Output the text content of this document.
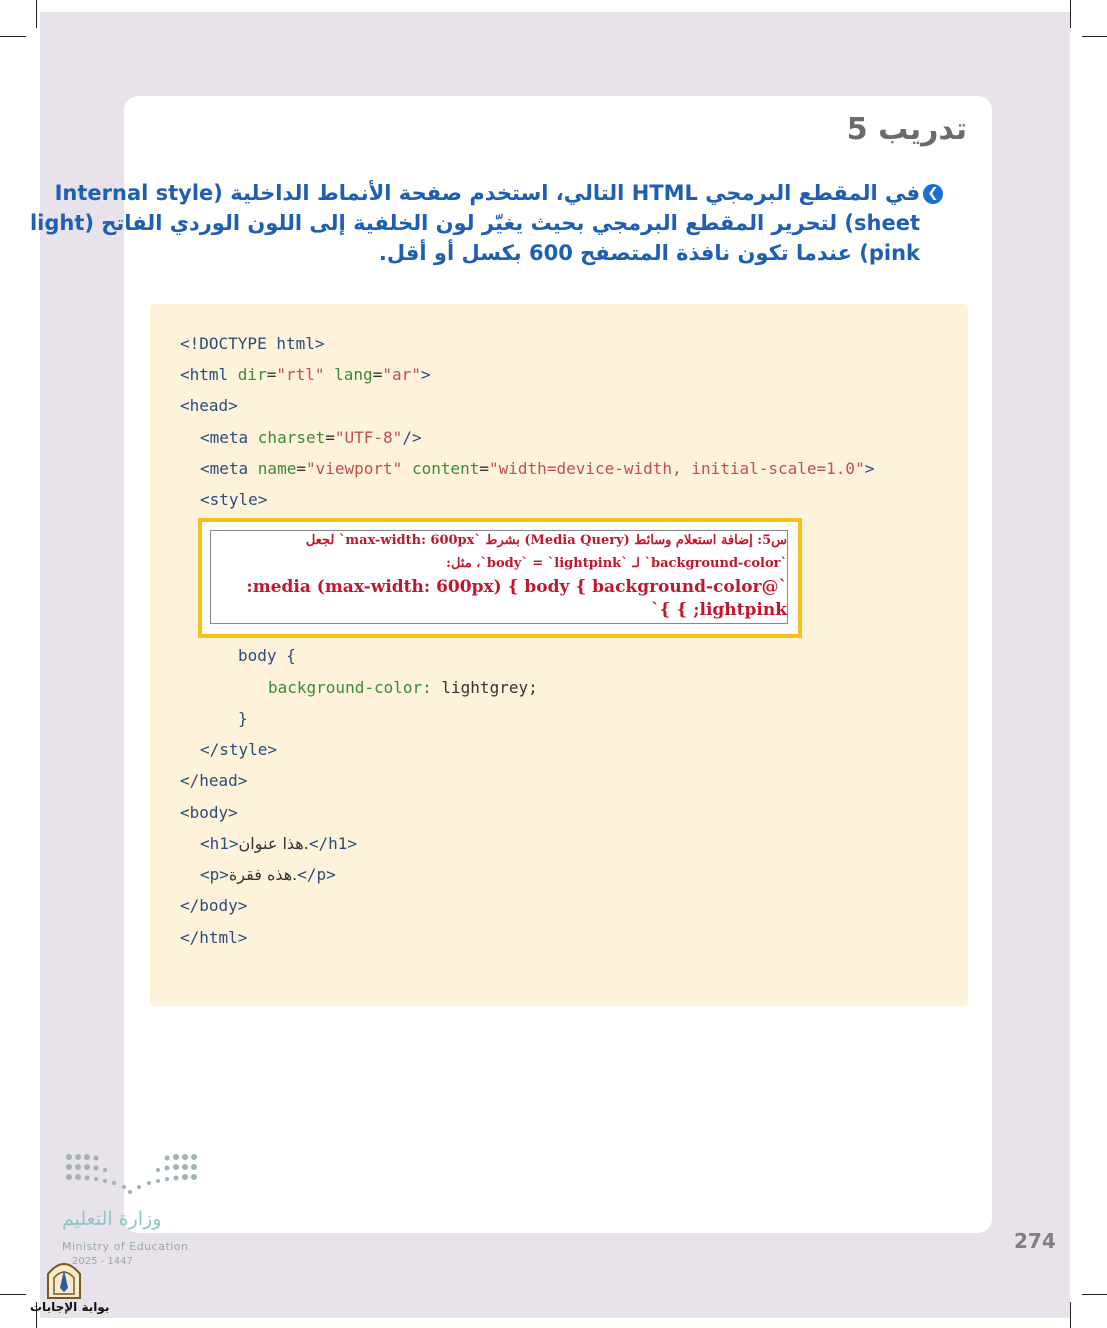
تدريب 5
❮
في المقطع البرمجي HTML التالي، استخدم صفحة الأنماط الداخلية (Internal style
sheet) لتحرير المقطع البرمجي بحيث يغيّر لون الخلفية إلى اللون الوردي الفاتح (light
pink) عندما تكون نافذة المتصفح 600 بكسل أو أقل.
<!DOCTYPE html>
<html dir="rtl" lang="ar">
<head>
<meta charset="UTF-8"/>
<meta name="viewport" content="width=device-width, initial-scale=1.0">
<style>
س5: إضافة استعلام وسائط (Media Query) بشرط `max-width: 600px` لجعل
`background-color` لـ `body` = `lightpink`، مثل:
`@media (max-width: 600px) { body { background-color:
lightpink; } }`
body {
background-color: lightgrey;
}
</style>
</head>
<body>
<h1>.هذا عنوان</h1>
<p>.هذه فقرة</p>
</body>
</html>
274
وزارة التعليم
Ministry of Education
2025 - 1447
بوابة الإجابات
